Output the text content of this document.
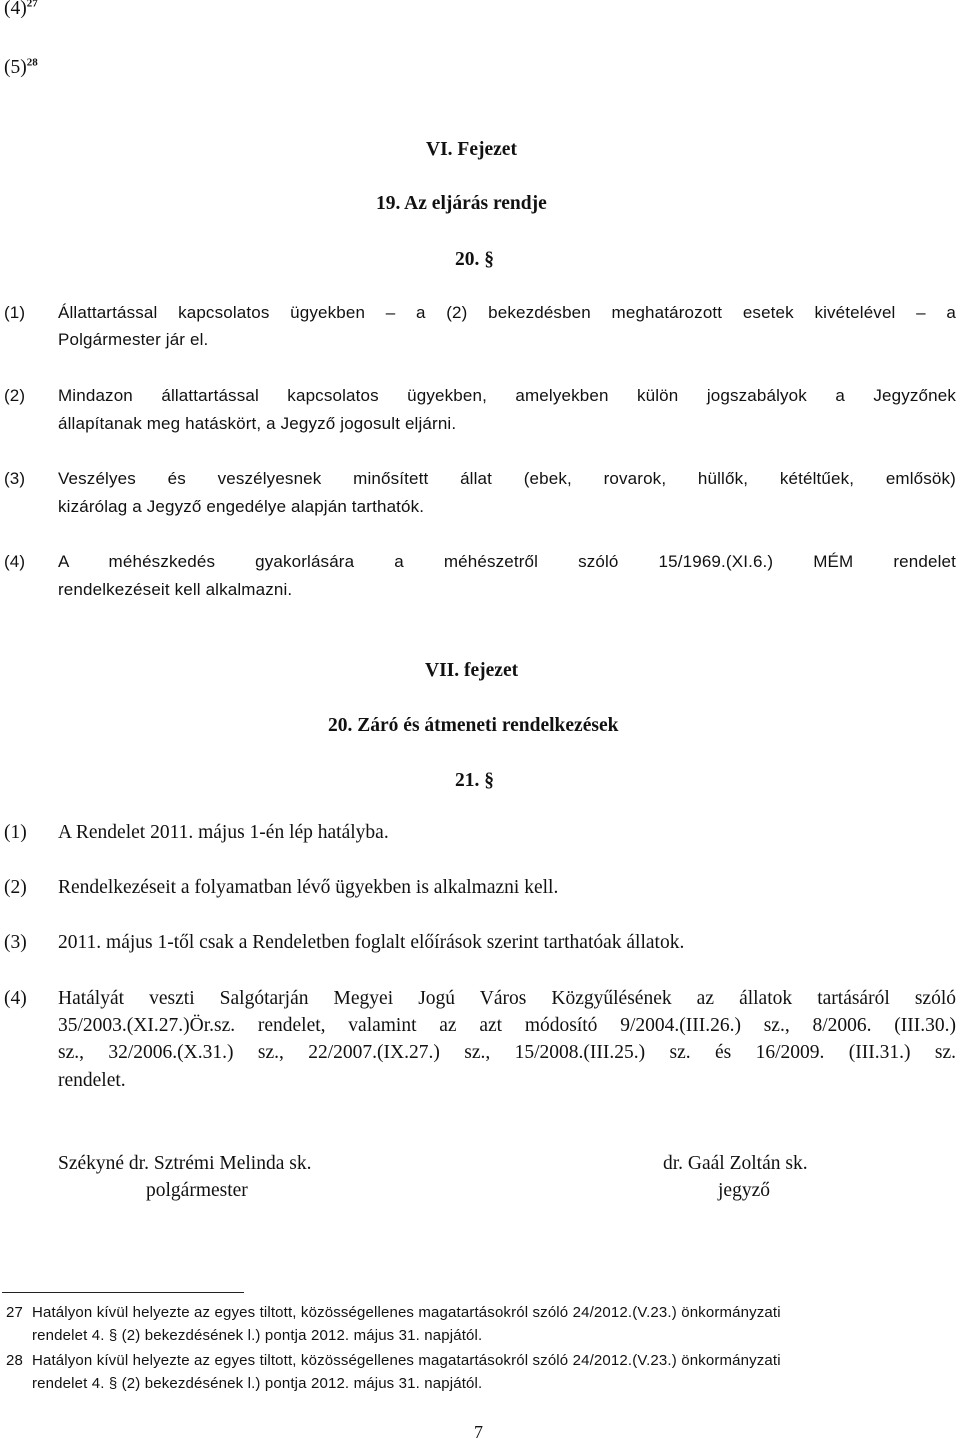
$(4)^{27}$
$(5)^{28}$
VI. Fejezet
19. Az eljárás rendje
20. §
(1) Állattartással kapcsolatos ügyekben – a (2) bekezdésben meghatározott esetek kivételével – a
Polgármester jár el.
(2) Mindazon állattartással kapcsolatos ügyekben, amelyekben külön jogszabályok a Jegyzőnek
állapítanak meg hatáskört, a Jegyző jogosult eljárni.
(3) Veszélyes és veszélyesnek minősített állat (ebek, rovarok, hüllők, kétéltűek, emlősök)
kizárólag a Jegyző engedélye alapján tarthatók.
(4) A méhészkedés gyakorlására a méhészetről szóló 15/1969.(XI.6.) MÉM rendelet
rendelkezéseit kell alkalmazni.
VII. fejezet
20. Záró és átmeneti rendelkezések
21. §
(1) A Rendelet 2011. május 1-én lép hatályba.
(2) Rendelkezéseit a folyamatban lévő ügyekben is alkalmazni kell.
(3) 2011. május 1-től csak a Rendeletben foglalt előírások szerint tarthatóak állatok.
(4) Hatályát veszti Salgótarján Megyei Jogú Város Közgyűlésének az állatok tartásáról szóló
35/2003.(XI.27.)Ör.sz. rendelet, valamint az azt módosító 9/2004.(III.26.) sz., 8/2006. (III.30.)
sz., 32/2006.(X.31.) sz., 22/2007.(IX.27.) sz., 15/2008.(III.25.) sz. és 16/2009. (III.31.) sz.
rendelet.
Székyné dr. Sztrémi Melinda sk.
polgármester
dr. Gaál Zoltán sk.
jegyző
27 Hatályon kívül helyezte az egyes tiltott, közösségellenes magatartásokról szóló 24/2012.(V.23.) önkormányzati
rendelet 4. § (2) bekezdésének l.) pontja 2012. május 31. napjától.
28 Hatályon kívül helyezte az egyes tiltott, közösségellenes magatartásokról szóló 24/2012.(V.23.) önkormányzati
rendelet 4. § (2) bekezdésének l.) pontja 2012. május 31. napjától.
7
